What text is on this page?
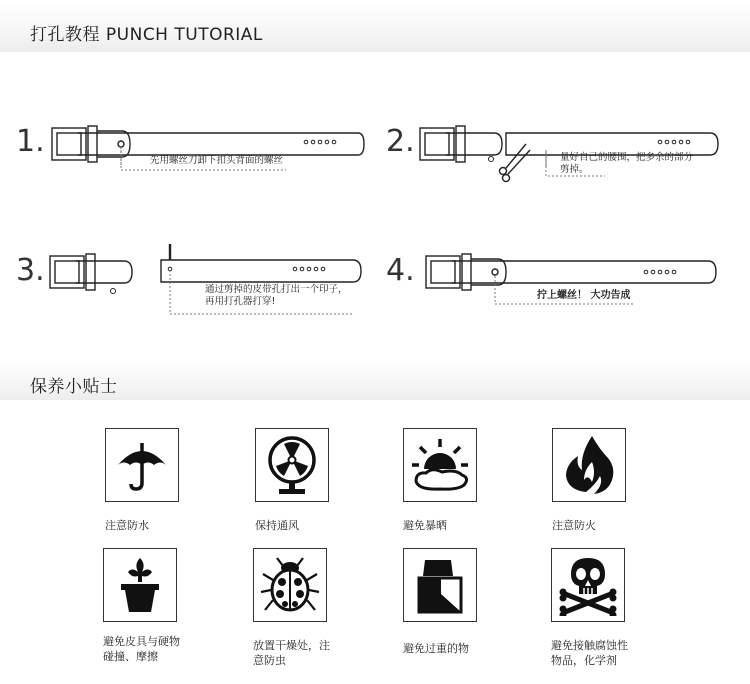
打孔教程 PUNCH TUTORIAL
1.
先用螺丝刀卸下扣头背面的螺丝
2.	量好自己的腰围，把多余的部分
剪掉。
3.
通过剪掉的皮带孔打出一个印子，
再用打孔器打穿!
4.
拧上螺丝！ 大功告成
保养小贴士
注意防水	保持通风	避免暴晒	注意防火
避免皮具与硬物
碰撞、摩擦
放置干燥处，注
意防虫
避免过重的物	避免接触腐蚀性
物品，化学剂
